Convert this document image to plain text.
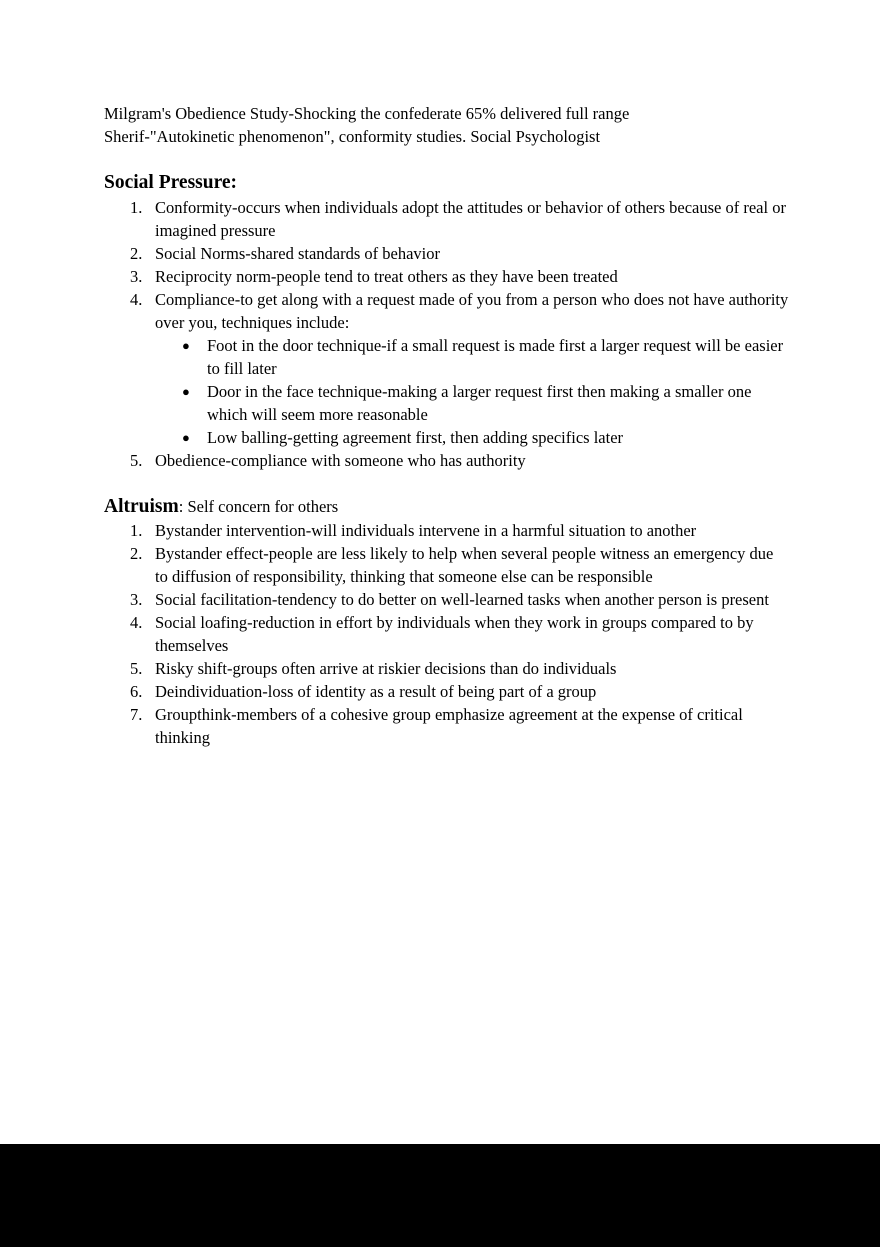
Milgram's Obedience Study-Shocking the confederate 65% delivered full range
Sherif-"Autokinetic phenomenon", conformity studies. Social Psychologist
Social Pressure:
1. Conformity-occurs when individuals adopt the attitudes or behavior of others because of real or imagined pressure
2. Social Norms-shared standards of behavior
3. Reciprocity norm-people tend to treat others as they have been treated
4. Compliance-to get along with a request made of you from a person who does not have authority over you, techniques include:
● Foot in the door technique-if a small request is made first a larger request will be easier to fill later
● Door in the face technique-making a larger request first then making a smaller one which will seem more reasonable
● Low balling-getting agreement first, then adding specifics later
5. Obedience-compliance with someone who has authority
Altruism: Self concern for others
1. Bystander intervention-will individuals intervene in a harmful situation to another
2. Bystander effect-people are less likely to help when several people witness an emergency due to diffusion of responsibility, thinking that someone else can be responsible
3. Social facilitation-tendency to do better on well-learned tasks when another person is present
4. Social loafing-reduction in effort by individuals when they work in groups compared to by themselves
5. Risky shift-groups often arrive at riskier decisions than do individuals
6. Deindividuation-loss of identity as a result of being part of a group
7. Groupthink-members of a cohesive group emphasize agreement at the expense of critical thinking
